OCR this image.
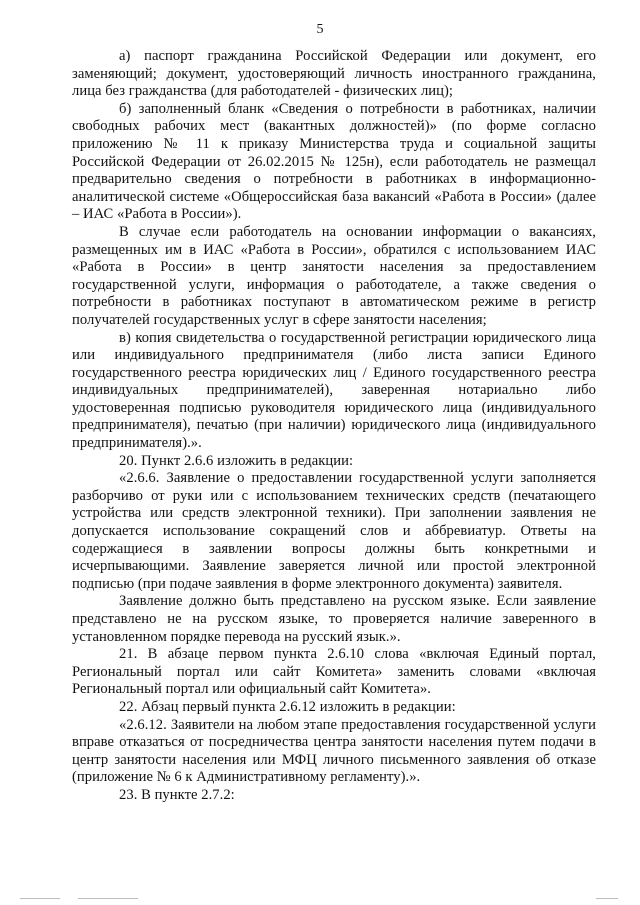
5

а) паспорт гражданина Российской Федерации или документ, его заменяющий; документ, удостоверяющий личность иностранного гражданина, лица без гражданства (для работодателей - физических лиц);

б) заполненный бланк «Сведения о потребности в работниках, наличии свободных рабочих мест (вакантных должностей)» (по форме согласно приложению № 11 к приказу Министерства труда и социальной защиты Российской Федерации от 26.02.2015 № 125н), если работодатель не размещал предварительно сведения о потребности в работниках в информационно-аналитической системе «Общероссийская база вакансий «Работа в России» (далее – ИАС «Работа в России»).

В случае если работодатель на основании информации о вакансиях, размещенных им в ИАС «Работа в России», обратился с использованием ИАС «Работа в России» в центр занятости населения за предоставлением государственной услуги, информация о работодателе, а также сведения о потребности в работниках поступают в автоматическом режиме в регистр получателей государственных услуг в сфере занятости населения;

в) копия свидетельства о государственной регистрации юридического лица или индивидуального предпринимателя (либо листа записи Единого государственного реестра юридических лиц / Единого государственного реестра индивидуальных предпринимателей), заверенная нотариально либо удостоверенная подписью руководителя юридического лица (индивидуального предпринимателя), печатью (при наличии) юридического лица (индивидуального предпринимателя).».

20. Пункт 2.6.6 изложить в редакции:

«2.6.6. Заявление о предоставлении государственной услуги заполняется разборчиво от руки или с использованием технических средств (печатающего устройства или средств электронной техники). При заполнении заявления не допускается использование сокращений слов и аббревиатур. Ответы на содержащиеся в заявлении вопросы должны быть конкретными и исчерпывающими. Заявление заверяется личной или простой электронной подписью (при подаче заявления в форме электронного документа) заявителя.

Заявление должно быть представлено на русском языке. Если заявление представлено не на русском языке, то проверяется наличие заверенного в установленном порядке перевода на русский язык.».

21. В абзаце первом пункта 2.6.10 слова «включая Единый портал, Региональный портал или сайт Комитета» заменить словами «включая Региональный портал или официальный сайт Комитета».

22. Абзац первый пункта 2.6.12 изложить в редакции:

«2.6.12. Заявители на любом этапе предоставления государственной услуги вправе отказаться от посредничества центра занятости населения путем подачи в центр занятости населения или МФЦ личного письменного заявления об отказе (приложение № 6 к Административному регламенту).».

23. В пункте 2.7.2:
